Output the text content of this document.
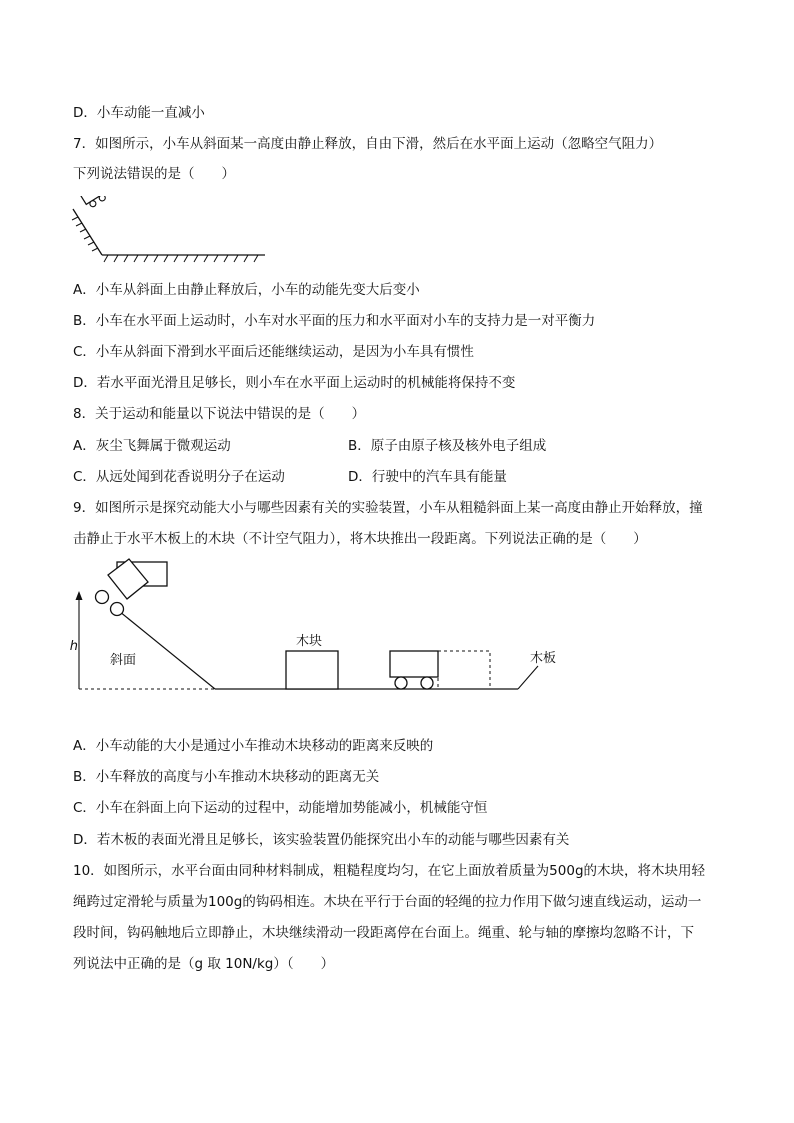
D．小车动能一直减小
7．如图所示，小车从斜面某一高度由静止释放，自由下滑，然后在水平面上运动（忽略空气阻力）
下列说法错误的是（　　）
A．小车从斜面上由静止释放后，小车的动能先变大后变小
B．小车在水平面上运动时，小车对水平面的压力和水平面对小车的支持力是一对平衡力
C．小车从斜面下滑到水平面后还能继续运动，是因为小车具有惯性
D．若水平面光滑且足够长，则小车在水平面上运动时的机械能将保持不变
8．关于运动和能量以下说法中错误的是（　　）
A．灰尘飞舞属于微观运动	B．原子由原子核及核外电子组成
C．从远处闻到花香说明分子在运动	D．行驶中的汽车具有能量
9．如图所示是探究动能大小与哪些因素有关的实验装置，小车从粗糙斜面上某一高度由静止开始释放，撞
击静止于水平木板上的木块（不计空气阻力），将木块推出一段距离。下列说法正确的是（　　）
h
斜面	木板
木块
A．小车动能的大小是通过小车推动木块移动的距离来反映的
B．小车释放的高度与小车推动木块移动的距离无关
C．小车在斜面上向下运动的过程中，动能增加势能减小，机械能守恒
D．若木板的表面光滑且足够长，该实验装置仍能探究出小车的动能与哪些因素有关
10．如图所示，水平台面由同种材料制成，粗糙程度均匀，在它上面放着质量为500g的木块，将木块用轻
绳跨过定滑轮与质量为100g的钩码相连。木块在平行于台面的轻绳的拉力作用下做匀速直线运动，运动一
段时间，钩码触地后立即静止，木块继续滑动一段距离停在台面上。绳重、轮与轴的摩擦均忽略不计，下
列说法中正确的是（g 取 10N/kg）（　　）
